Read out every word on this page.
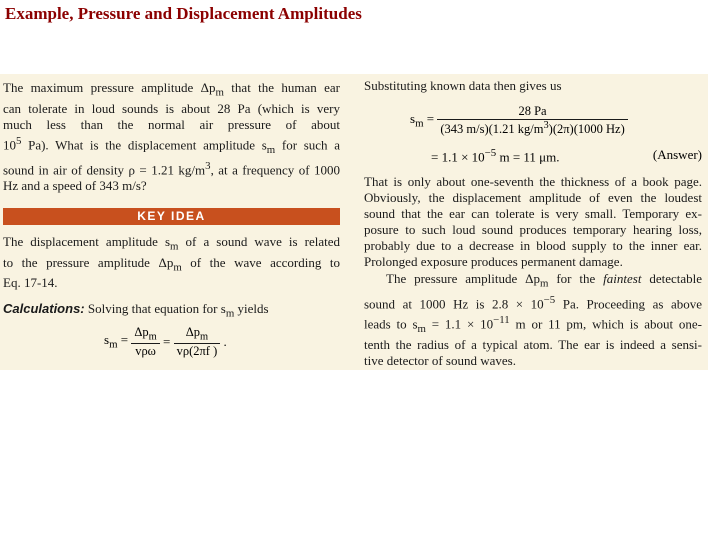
Example, Pressure and Displacement Amplitudes
The maximum pressure amplitude $\Delta p_m$ that the human ear
can tolerate in loud sounds is about 28 Pa (which is very
much less than the normal air pressure of about
$10^5$ Pa). What is the displacement amplitude $s_m$ for such a
sound in air of density ρ = 1.21 $kg/m^3$, at a frequency of 1000
Hz and a speed of 343 m/s?
KEY IDEA
The displacement amplitude $s_m$ of a sound wave is related
to the pressure amplitude $\Delta p_m$ of the wave according to
Eq. 17-14.
Calculations: Solving that equation for $s_m$ yields
$s_m = \frac{\Delta p_m}{\text{vρω}} = \frac{\Delta p_m}{v\rho(2\pi f )}$ .
Substituting known data then gives us
$s_m = \frac{28 Pa}{(343 m/s)(1.21 kg/m^3)(2\pi)(1000 Hz)}$
= $1.1 \times 10^{-5}$ m = 11 μm.	(Answer)
That is only about one-seventh the thickness of a book page.
Obviously, the displacement amplitude of even the loudest
sound that the ear can tolerate is very small. Temporary ex-
posure to such loud sound produces temporary hearing loss,
probably due to a decrease in blood supply to the inner ear.
Prolonged exposure produces permanent damage.
The pressure amplitude $\Delta p_m$ for the faintest detectable
sound at 1000 Hz is $2.8 \times 10^{-5}$ Pa. Proceeding as above
leads to $s_m = 1.1 \times 10^{-11}$ m or 11 pm, which is about one-
tenth the radius of a typical atom. The ear is indeed a sensi-
tive detector of sound waves.
